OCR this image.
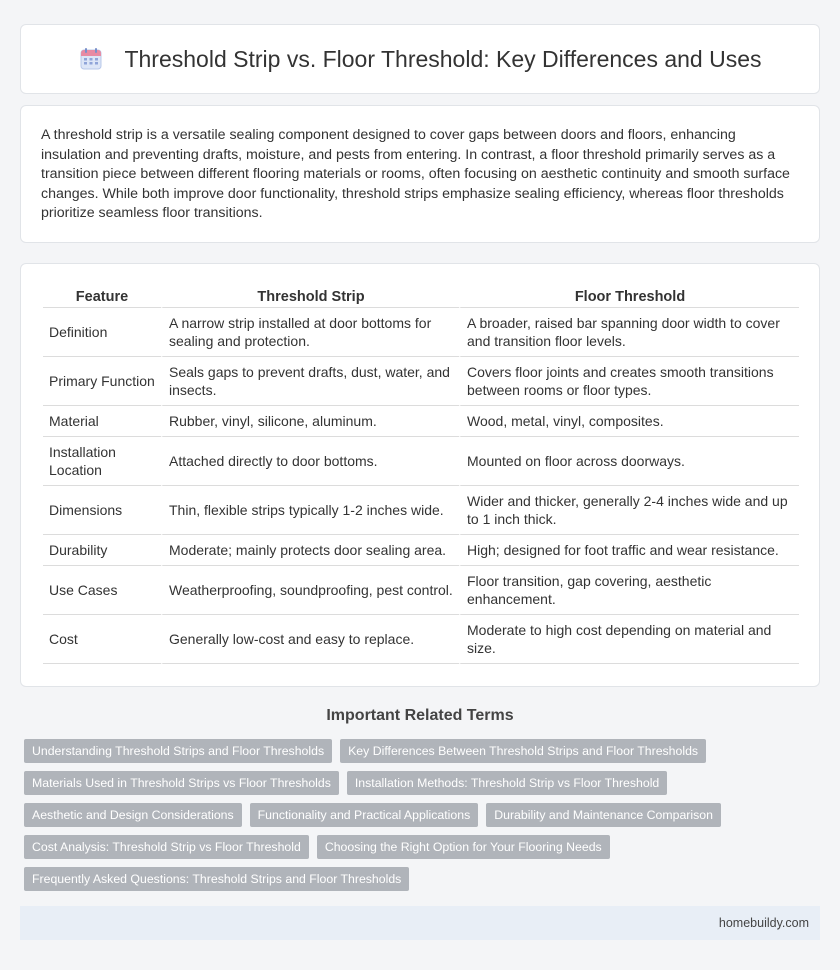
Threshold Strip vs. Floor Threshold: Key Differences and Uses

A threshold strip is a versatile sealing component designed to cover gaps between doors and floors, enhancing insulation and preventing drafts, moisture, and pests from entering. In contrast, a floor threshold primarily serves as a transition piece between different flooring materials or rooms, often focusing on aesthetic continuity and smooth surface changes. While both improve door functionality, threshold strips emphasize sealing efficiency, whereas floor thresholds prioritize seamless floor transitions.

Feature	Threshold Strip	Floor Threshold
Definition	A narrow strip installed at door bottoms for sealing and protection.	A broader, raised bar spanning door width to cover and transition floor levels.
Primary Function	Seals gaps to prevent drafts, dust, water, and insects.	Covers floor joints and creates smooth transitions between rooms or floor types.
Material	Rubber, vinyl, silicone, aluminum.	Wood, metal, vinyl, composites.
Installation Location	Attached directly to door bottoms.	Mounted on floor across doorways.
Dimensions	Thin, flexible strips typically 1-2 inches wide.	Wider and thicker, generally 2-4 inches wide and up to 1 inch thick.
Durability	Moderate; mainly protects door sealing area.	High; designed for foot traffic and wear resistance.
Use Cases	Weatherproofing, soundproofing, pest control.	Floor transition, gap covering, aesthetic enhancement.
Cost	Generally low-cost and easy to replace.	Moderate to high cost depending on material and size.
Important Related Terms
Understanding Threshold Strips and Floor Thresholds	Key Differences Between Threshold Strips and Floor Thresholds
Materials Used in Threshold Strips vs Floor Thresholds	Installation Methods: Threshold Strip vs Floor Threshold
Aesthetic and Design Considerations	Functionality and Practical Applications	Durability and Maintenance Comparison
Cost Analysis: Threshold Strip vs Floor Threshold	Choosing the Right Option for Your Flooring Needs
Frequently Asked Questions: Threshold Strips and Floor Thresholds
homebuildy.com
